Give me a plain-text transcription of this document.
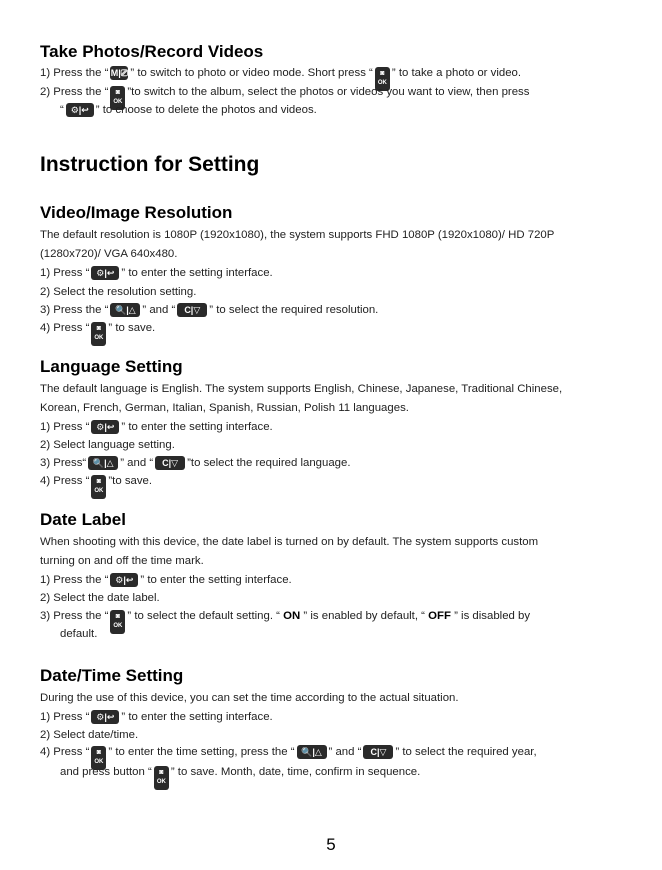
Take Photos/Record Videos
1) Press the “ M|⎚ ” to switch to photo or video mode. Short press “ ◙
OK
” to take a photo or video.
2) Press the “ ◙
OK
”to switch to the album, select the photos or videos you want to view, then press
“ ⚙|↩ ” to choose to delete the photos and videos.
Instruction for Setting
Video/Image Resolution
The default resolution is 1080P (1920x1080), the system supports FHD 1080P (1920x1080)/ HD 720P
(1280x720)/ VGA 640x480.
1) Press “ ⚙|↩ ” to enter the setting interface.
2) Select the resolution setting.
3) Press the “ 🔍|△ ” and “ C|▽ ” to select the required resolution.
4) Press “ ◙
OK
” to save.
Language Setting
The default language is English. The system supports English, Chinese, Japanese, Traditional Chinese,
Korean, French, German, Italian, Spanish, Russian, Polish 11 languages.
1) Press “ ⚙|↩ ” to enter the setting interface.
2) Select language setting.
3) Press“ 🔍|△ ” and “ C|▽ ”to select the required language.
4) Press “ ◙
OK
”to save.
Date Label
When shooting with this device, the date label is turned on by default. The system supports custom
turning on and off the time mark.
1) Press the “ ⚙|↩ ” to enter the setting interface.
2) Select the date label.
3) Press the “ ◙
OK
” to select the default setting. “ ON ” is enabled by default, “ OFF ” is disabled by
default.
Date/Time Setting
During the use of this device, you can set the time according to the actual situation.
1) Press “ ⚙|↩ ” to enter the setting interface.
2) Select date/time.
4) Press “ ◙
OK
” to enter the time setting, press the “ 🔍|△ ” and “ C|▽ ” to select the required year,
and press button “ ◙
OK
” to save. Month, date, time, confirm in sequence.
5
